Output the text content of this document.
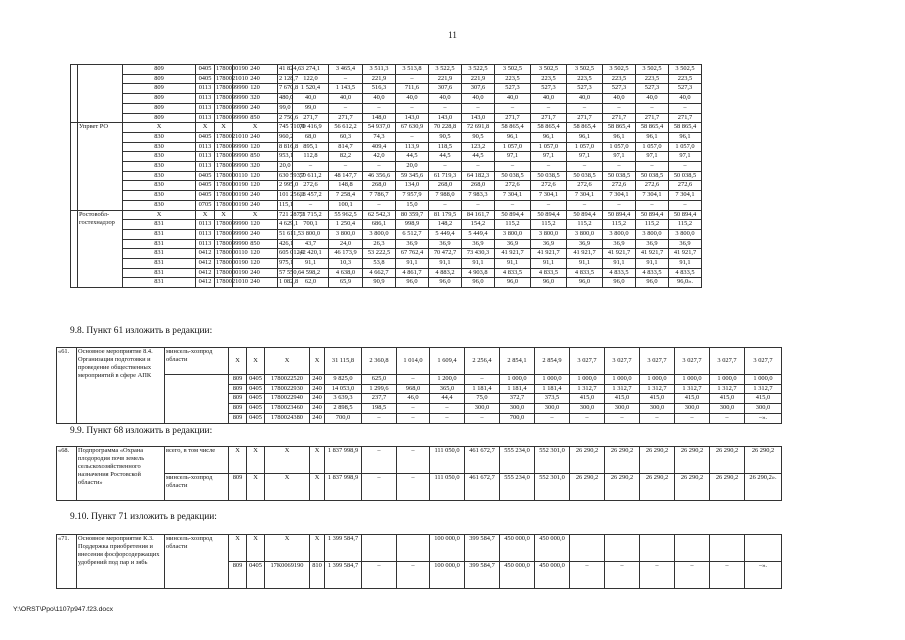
11
		809	0405	1780000190	240	41 824,6	3 274,1	3 465,4	3 511,3	3 513,8	3 522,5	3 522,5	3 502,5	3 502,5	3 502,5	3 502,5	3 502,5	3 502,5
		809	0405	1780021010	240	2 128,7	122,0	–	221,9	–	221,9	221,9	223,5	223,5	223,5	223,5	223,5	223,5
		809	0113	1780099990	120	7 670,8	1 520,4	1 143,5	516,3	711,6	307,6	307,6	527,3	527,3	527,3	527,3	527,3	527,3
		809	0113	1780099990	320	480,0	40,0	40,0	40,0	40,0	40,0	40,0	40,0	40,0	40,0	40,0	40,0	40,0
		809	0113	1780099990	240	99,0	99,0	–	–	–	–	–	–	–	–	–	–	–
		809	0113	1780099990	850	2 750,6	271,7	271,7	148,0	143,0	143,0	143,0	271,7	271,7	271,7	271,7	271,7	271,7
	Упрвет РО	X	X	X	X	745 710,0	70 416,9	56 612,2	54 937,0	67 630,9	70 228,8	72 691,8	58 865,4	58 865,4	58 865,4	58 865,4	58 865,4	58 865,4
		830	0405	1780021010	240	960,2	68,0	60,3	74,3	–	90,5	90,5	96,1	96,1	96,1	96,1	96,1	96,1
		830	0113	1780099990	120	8 816,8	895,1	814,7	409,4	113,9	118,5	123,2	1 057,0	1 057,0	1 057,0	1 057,0	1 057,0	1 057,0
		830	0113	1780099990	850	953,1	112,8	82,2	42,0	44,5	44,5	44,5	97,1	97,1	97,1	97,1	97,1	97,1
		830	0113	1780099990	320	20,0	–	–	–	20,0	–	–	–	–	–	–	–	–
		830	0405	1780000110	120	630 593,7	50 611,2	48 147,7	46 356,6	59 345,6	61 719,3	64 182,3	50 038,5	50 038,5	50 038,5	50 038,5	50 038,5	50 038,5
		830	0405	1780000190	120	2 995,0	272,6	148,8	268,0	134,0	268,0	268,0	272,6	272,6	272,6	272,6	272,6	272,6
		830	0405	1780000190	240	101 256,1	18 457,2	7 258,4	7 786,7	7 957,9	7 988,0	7 983,3	7 304,1	7 304,1	7 304,1	7 304,1	7 304,1	7 304,1
		830	0705	1780000190	240	115,1	–	100,1	–	15,0	–	–	–	–	–	–	–	–
	Ростовобл- гостехнадзор	X	X	X	X	721 287,3	51 715,2	55 962,5	62 542,3	80 359,7	81 179,5	84 161,7	50 894,4	50 894,4	50 894,4	50 894,4	50 894,4	50 894,4
		831	0113	1780099990	120	4 629,1	700,1	1 250,4	686,1	998,9	148,2	154,2	115,2	115,2	115,2	115,2	115,2	115,2
		831	0113	1780099990	240	51 611,5	3 800,0	3 800,0	3 800,0	6 512,7	5 449,4	5 449,4	3 800,0	3 800,0	3 800,0	3 800,0	3 800,0	3 800,0
		831	0113	1780099990	850	426,1	43,7	24,0	26,3	36,9	36,9	36,9	36,9	36,9	36,9	36,9	36,9	36,9
		831	0412	1780000110	120	605 012,1	42 420,1	46 173,9	53 222,5	67 762,4	70 472,7	73 430,3	41 921,7	41 921,7	41 921,7	41 921,7	41 921,7	41 921,7
		831	0412	1780000190	120	975,1	91,1	10,3	53,8	91,1	91,1	91,1	91,1	91,1	91,1	91,1	91,1	91,1
		831	0412	1780000190	240	57 550,6	4 598,2	4 638,0	4 662,7	4 861,7	4 883,2	4 903,8	4 833,5	4 833,5	4 833,5	4 833,5	4 833,5	4 833,5
		831	0412	1780021010	240	1 082,8	62,0	65,9	90,9	96,0	96,0	96,0	96,0	96,0	96,0	96,0	96,0	96,0».
9.8. Пункт 61 изложить в редакции:
«61.	Основное мероприятие 8.4. Организация подготовки и проведение общественных мероприятий в сфере АПК	минсель-хозпрод области	X	X	X	X	31 115,8	2 360,8	1 014,0	1 609,4	2 256,4	2 854,1	2 854,9	3 027,7	3 027,7	3 027,7	3 027,7	3 027,7	3 027,7
			809	0405	1780022520	240	9 825,0	625,0	–	1 200,0	–	1 000,0	1 000,0	1 000,0	1 000,0	1 000,0	1 000,0	1 000,0	1 000,0
			809	0405	1780022930	240	14 053,0	1 299,6	968,0	365,0	1 181,4	1 181,4	1 181,4	1 312,7	1 312,7	1 312,7	1 312,7	1 312,7	1 312,7
			809	0405	1780022940	240	3 639,3	237,7	46,0	44,4	75,0	372,7	373,5	415,0	415,0	415,0	415,0	415,0	415,0
			809	0405	1780023460	240	2 898,5	198,5	–	–	300,0	300,0	300,0	300,0	300,0	300,0	300,0	300,0	300,0
			809	0405	1780024380	240	700,0	–	–	–	–	700,0	–	–	–	–	–	–	–».
9.9. Пункт 68 изложить в редакции:
«68.	Подпрограмма «Охрана плодородия почв земель сельскохозяйственного назначения Ростовской области»	всего, в том числе	X	X	X	X	1 837 998,9	–	–	111 050,0	461 672,7	555 234,0	552 301,0	26 290,2	26 290,2	26 290,2	26 290,2	26 290,2	26 290,2
		минсель-хозпрод области	809	X	X	X	1 837 998,9	–	–	111 050,0	461 672,7	555 234,0	552 301,0	26 290,2	26 290,2	26 290,2	26 290,2	26 290,2	26 290,2».
9.10. Пункт 71 изложить в редакции:
«71.	Основное мероприятие К.3. Поддержка приобретения и внесения фосфорсодержащих удобрений под пар и зябь	минсель-хозпрод области	X	X	X	X	1 399 584,7			100 000,0	399 584,7	450 000,0	450 000,0						
			809	0405	17К0069190	810	1 399 584,7	–	–	100 000,0	399 584,7	450 000,0	450 000,0	–	–	–	–	–	–».
Y:\ORST\Ppo\1107p947.f23.docx
